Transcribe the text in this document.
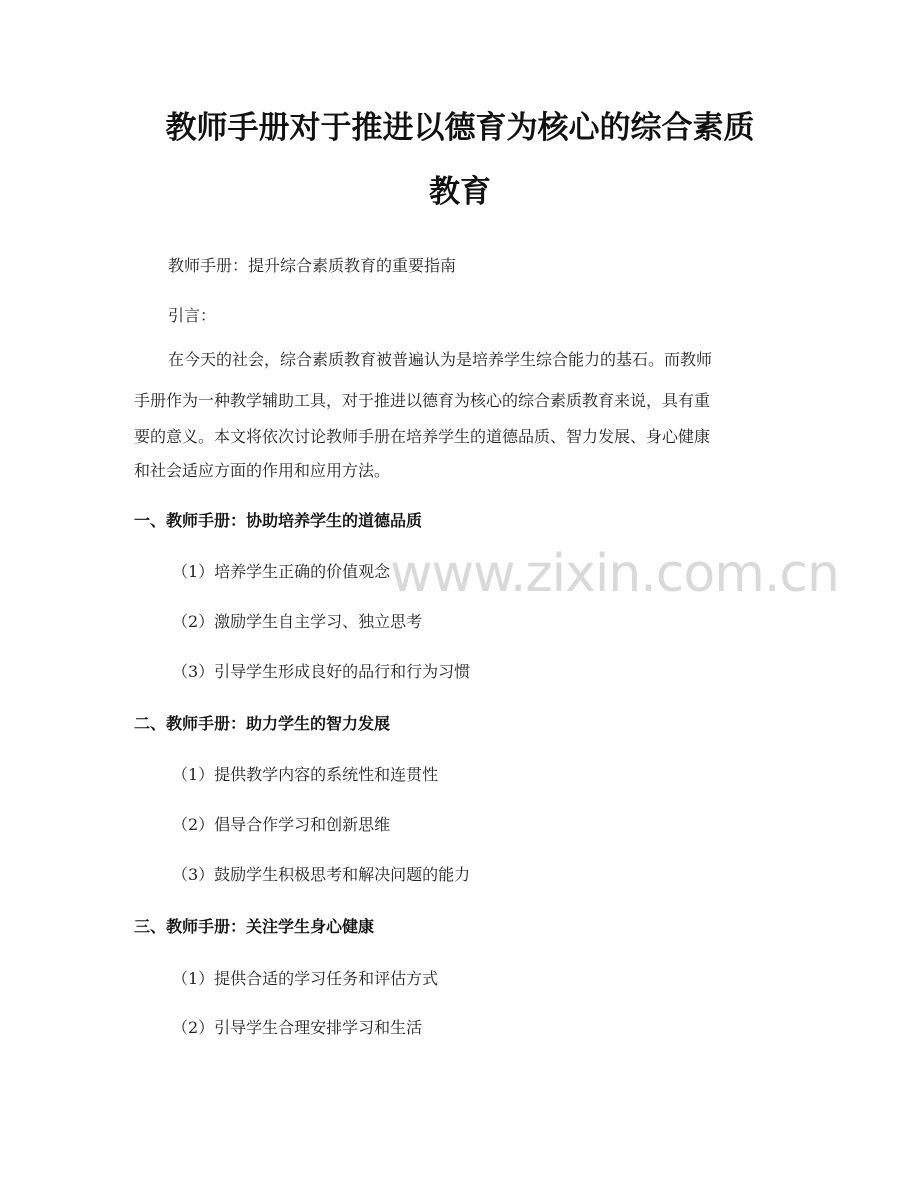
www.zixin.com.cn
教师手册对于推进以德育为核心的综合素质
教育

教师手册：提升综合素质教育的重要指南

引言：

在今天的社会，综合素质教育被普遍认为是培养学生综合能力的基石。而教师

手册作为一种教学辅助工具，对于推进以德育为核心的综合素质教育来说，具有重

要的意义。本文将依次讨论教师手册在培养学生的道德品质、智力发展、身心健康

和社会适应方面的作用和应用方法。

一、教师手册：协助培养学生的道德品质

（1）培养学生正确的价值观念

（2）激励学生自主学习、独立思考

（3）引导学生形成良好的品行和行为习惯

二、教师手册：助力学生的智力发展

（1）提供教学内容的系统性和连贯性

（2）倡导合作学习和创新思维

（3）鼓励学生积极思考和解决问题的能力

三、教师手册：关注学生身心健康

（1）提供合适的学习任务和评估方式

（2）引导学生合理安排学习和生活
